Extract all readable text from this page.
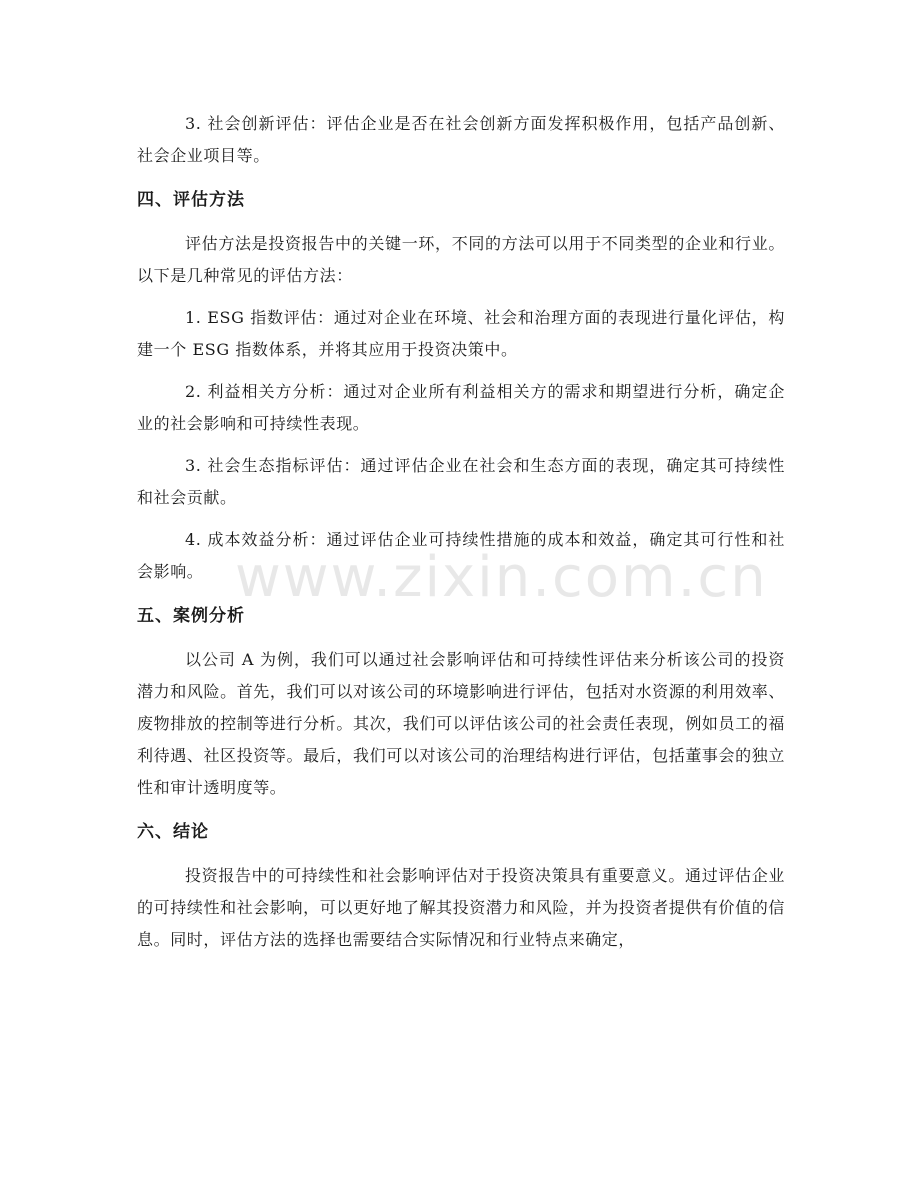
3. 社会创新评估：评估企业是否在社会创新方面发挥积极作用，包括产品创新、社会企业项目等。

四、评估方法

评估方法是投资报告中的关键一环，不同的方法可以用于不同类型的企业和行业。以下是几种常见的评估方法：

1. ESG 指数评估：通过对企业在环境、社会和治理方面的表现进行量化评估，构建一个 ESG 指数体系，并将其应用于投资决策中。

2. 利益相关方分析：通过对企业所有利益相关方的需求和期望进行分析，确定企业的社会影响和可持续性表现。

3. 社会生态指标评估：通过评估企业在社会和生态方面的表现，确定其可持续性和社会贡献。

4. 成本效益分析：通过评估企业可持续性措施的成本和效益，确定其可行性和社会影响。

五、案例分析

以公司 A 为例，我们可以通过社会影响评估和可持续性评估来分析该公司的投资潜力和风险。首先，我们可以对该公司的环境影响进行评估，包括对水资源的利用效率、废物排放的控制等进行分析。其次，我们可以评估该公司的社会责任表现，例如员工的福利待遇、社区投资等。最后，我们可以对该公司的治理结构进行评估，包括董事会的独立性和审计透明度等。

六、结论

投资报告中的可持续性和社会影响评估对于投资决策具有重要意义。通过评估企业的可持续性和社会影响，可以更好地了解其投资潜力和风险，并为投资者提供有价值的信息。同时，评估方法的选择也需要结合实际情况和行业特点来确定，

www.zixin.com.cn
